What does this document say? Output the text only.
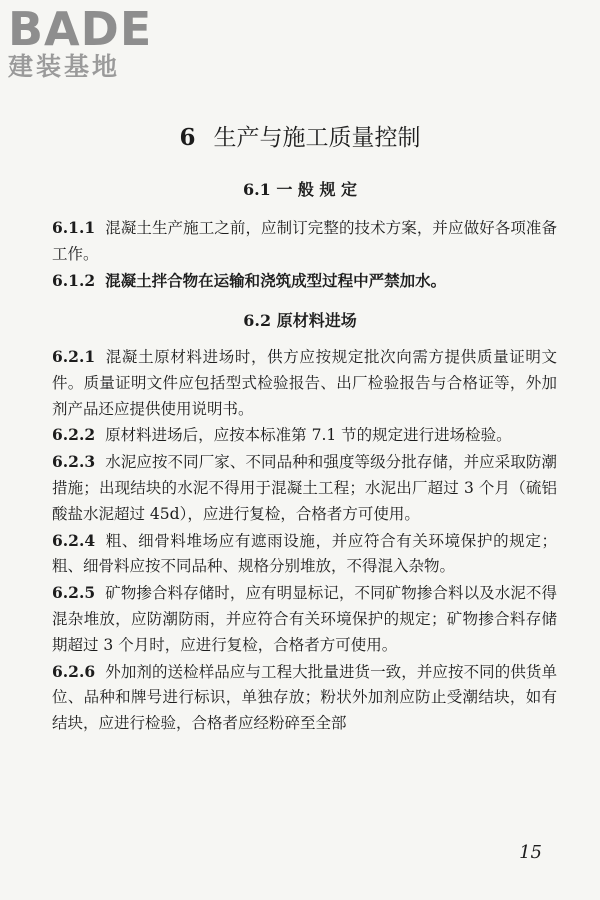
BADE
建装基地
6 生产与施工质量控制
6.1 一 般 规 定

6.1.1 混凝土生产施工之前，应制订完整的技术方案，并应做好各项准备工作。

6.1.2 混凝土拌合物在运输和浇筑成型过程中严禁加水。

6.2 原材料进场

6.2.1 混凝土原材料进场时，供方应按规定批次向需方提供质量证明文件。质量证明文件应包括型式检验报告、出厂检验报告与合格证等，外加剂产品还应提供使用说明书。

6.2.2 原材料进场后，应按本标准第 7.1 节的规定进行进场检验。

6.2.3 水泥应按不同厂家、不同品种和强度等级分批存储，并应采取防潮措施；出现结块的水泥不得用于混凝土工程；水泥出厂超过 3 个月（硫铝酸盐水泥超过 45d），应进行复检，合格者方可使用。

6.2.4 粗、细骨料堆场应有遮雨设施，并应符合有关环境保护的规定；粗、细骨料应按不同品种、规格分别堆放，不得混入杂物。

6.2.5 矿物掺合料存储时，应有明显标记，不同矿物掺合料以及水泥不得混杂堆放，应防潮防雨，并应符合有关环境保护的规定；矿物掺合料存储期超过 3 个月时，应进行复检，合格者方可使用。

6.2.6 外加剂的送检样品应与工程大批量进货一致，并应按不同的供货单位、品种和牌号进行标识，单独存放；粉状外加剂应防止受潮结块，如有结块，应进行检验，合格者应经粉碎至全部

15
